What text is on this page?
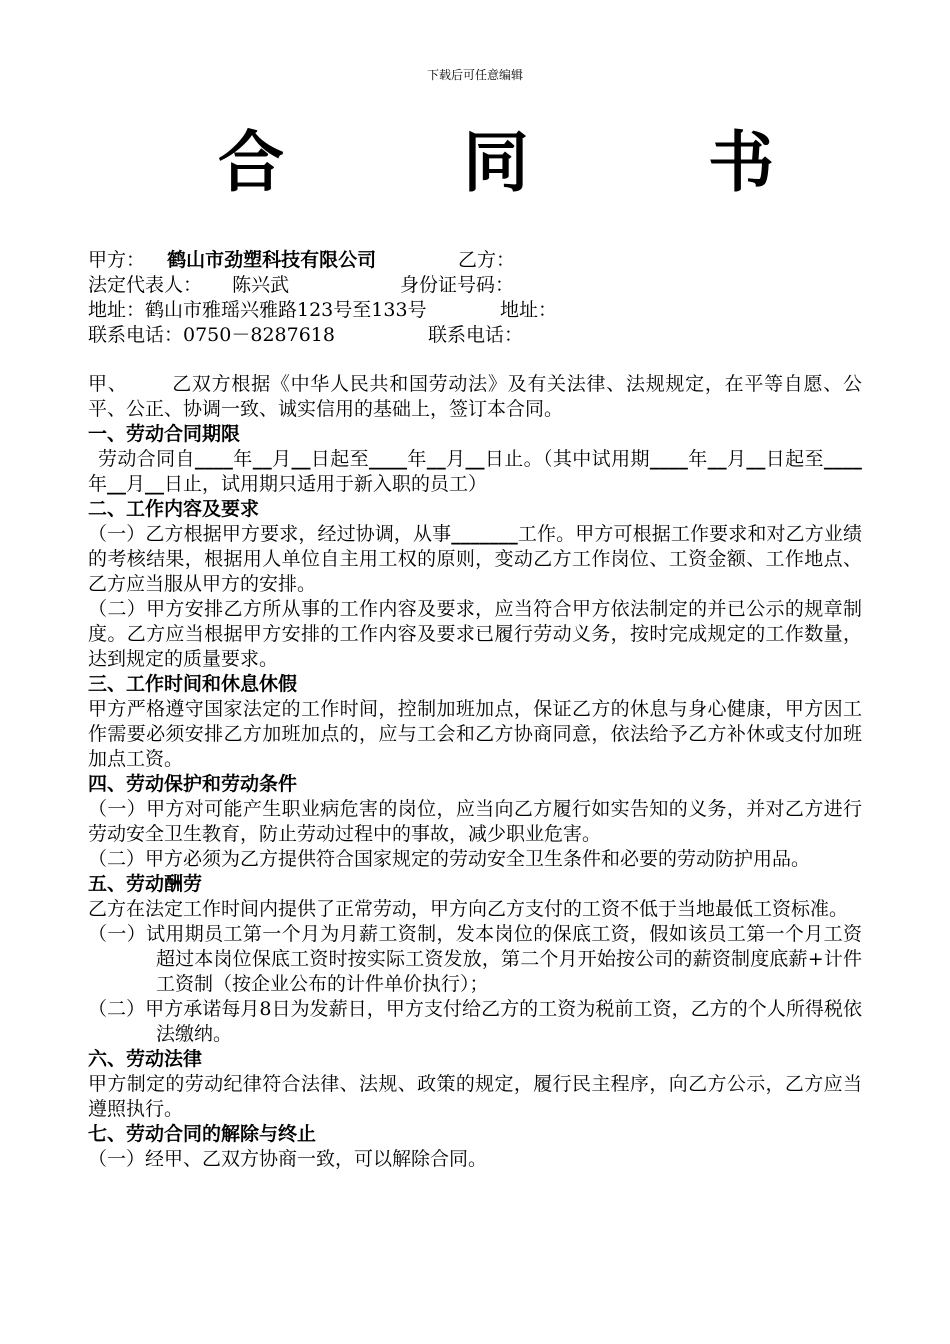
下载后可任意编辑
合 同 书
甲方： 鹤山市劲塑科技有限公司	乙方：
法定代表人： 陈兴武	身份证号码：
地址：鹤山市雅瑶兴雅路123号至133号	地址：
联系电话：0750－8287618	联系电话：

甲、 乙双方根据《中华人民共和国劳动法》及有关法律、法规规定，在平等自愿、公平、公正、协调一致、诚实信用的基础上，签订本合同。

一、劳动合同期限

劳动合同自____年__月__日起至____年__月__日止。（其中试用期____年__月__日起至____年__月__日止，试用期只适用于新入职的员工）

二、工作内容及要求

（一）乙方根据甲方要求，经过协调，从事_______工作。甲方可根据工作要求和对乙方业绩的考核结果，根据用人单位自主用工权的原则，变动乙方工作岗位、工资金额、工作地点、乙方应当服从甲方的安排。

（二）甲方安排乙方所从事的工作内容及要求，应当符合甲方依法制定的并已公示的规章制度。乙方应当根据甲方安排的工作内容及要求已履行劳动义务，按时完成规定的工作数量，达到规定的质量要求。

三、工作时间和休息休假

甲方严格遵守国家法定的工作时间，控制加班加点，保证乙方的休息与身心健康，甲方因工作需要必须安排乙方加班加点的，应与工会和乙方协商同意，依法给予乙方补休或支付加班加点工资。

四、劳动保护和劳动条件

（一）甲方对可能产生职业病危害的岗位，应当向乙方履行如实告知的义务，并对乙方进行劳动安全卫生教育，防止劳动过程中的事故，减少职业危害。

（二）甲方必须为乙方提供符合国家规定的劳动安全卫生条件和必要的劳动防护用品。

五、劳动酬劳

乙方在法定工作时间内提供了正常劳动，甲方向乙方支付的工资不低于当地最低工资标准。

（一）试用期员工第一个月为月薪工资制，发本岗位的保底工资，假如该员工第一个月工资超过本岗位保底工资时按实际工资发放，第二个月开始按公司的薪资制度底薪+计件工资制（按企业公布的计件单价执行）；

（二）甲方承诺每月8日为发薪日，甲方支付给乙方的工资为税前工资，乙方的个人所得税依法缴纳。

六、劳动法律

甲方制定的劳动纪律符合法律、法规、政策的规定，履行民主程序，向乙方公示，乙方应当遵照执行。

七、劳动合同的解除与终止

（一）经甲、乙双方协商一致，可以解除合同。
